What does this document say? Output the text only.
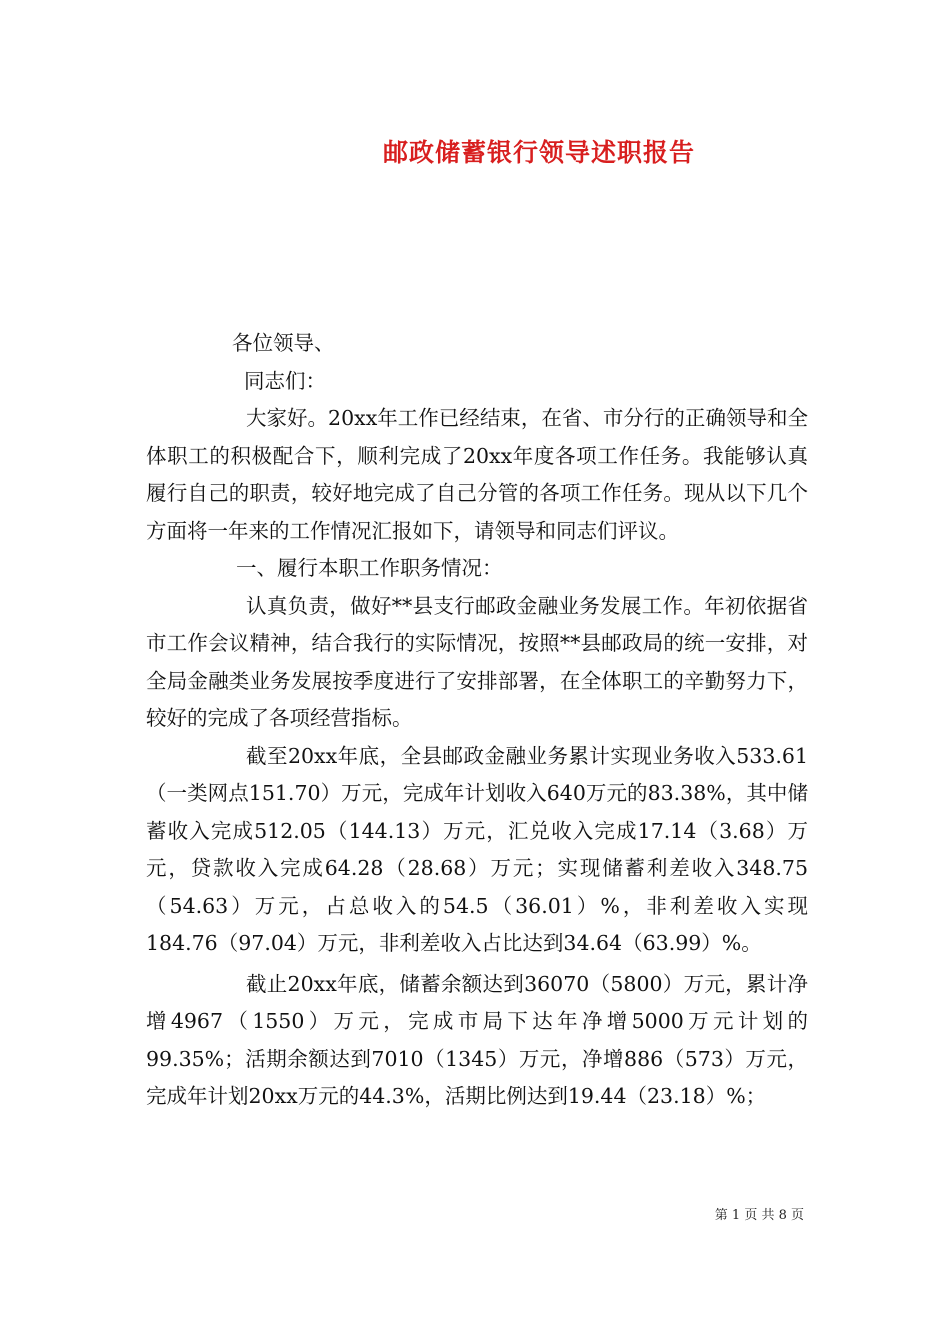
邮政储蓄银行领导述职报告

各位领导、

同志们：

大家好。20xx年工作已经结束，在省、市分行的正确领导和全体职工的积极配合下，顺利完成了20xx年度各项工作任务。我能够认真履行自己的职责，较好地完成了自己分管的各项工作任务。现从以下几个方面将一年来的工作情况汇报如下，请领导和同志们评议。

一、履行本职工作职务情况：

认真负责，做好**县支行邮政金融业务发展工作。年初依据省市工作会议精神，结合我行的实际情况，按照**县邮政局的统一安排，对全局金融类业务发展按季度进行了安排部署，在全体职工的辛勤努力下，较好的完成了各项经营指标。

截至20xx年底，全县邮政金融业务累计实现业务收入533.61（一类网点151.70）万元，完成年计划收入640万元的83.38%，其中储蓄收入完成512.05（144.13）万元，汇兑收入完成17.14（3.68）万元，贷款收入完成64.28（28.68）万元；实现储蓄利差收入348.75（54.63）万元，占总收入的54.5（36.01）%，非利差收入实现184.76（97.04）万元，非利差收入占比达到34.64（63.99）%。

截止20xx年底，储蓄余额达到36070（5800）万元，累计净增4967（1550）万元，完成市局下达年净增5000万元计划的99.35%；活期余额达到7010（1345）万元，净增886（573）万元，完成年计划20xx万元的44.3%，活期比例达到19.44（23.18）%；

第 1 页 共 8 页
